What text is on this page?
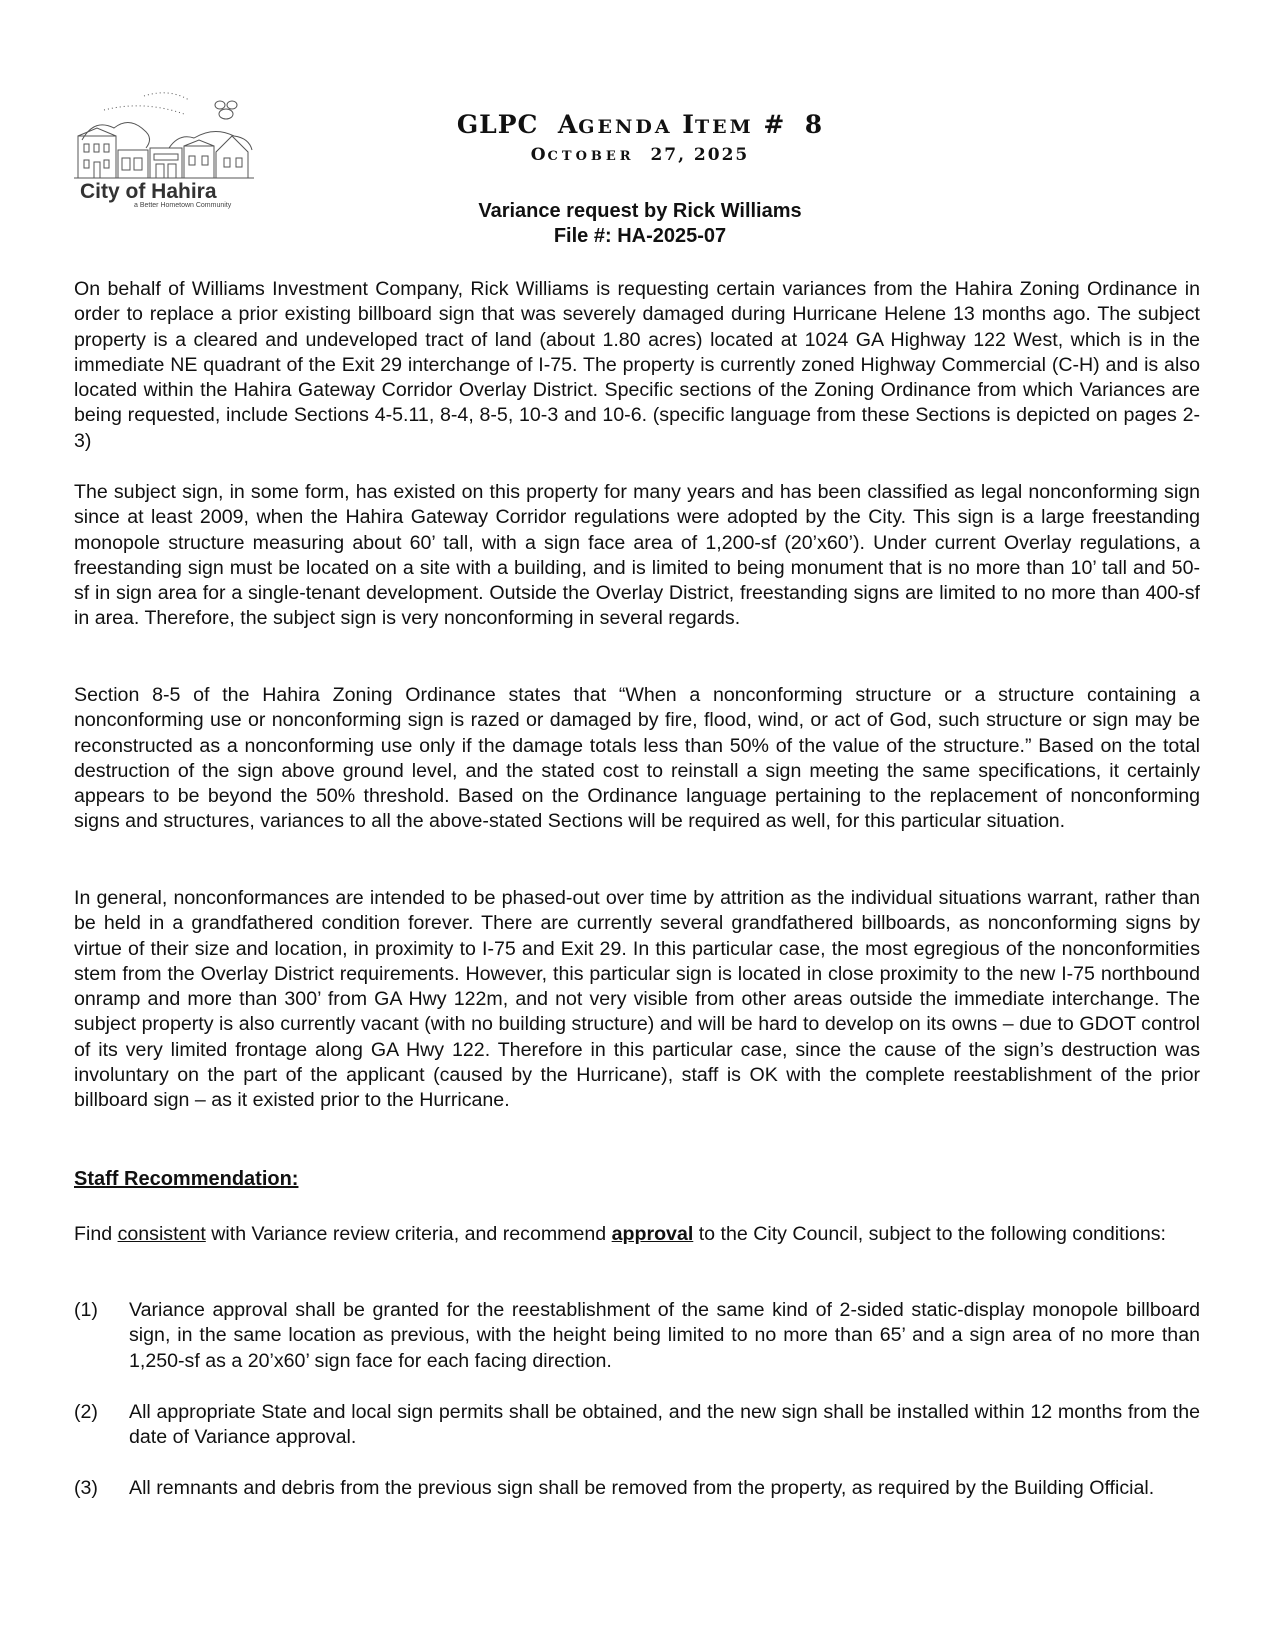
City of Hahira
a Better Hometown Community
GLPC AGENDA ITEM # 8
OCTOBER 27, 2025
Variance request by Rick Williams
File #: HA-2025-07

On behalf of Williams Investment Company, Rick Williams is requesting certain variances from the Hahira Zoning Ordinance in order to replace a prior existing billboard sign that was severely damaged during Hurricane Helene 13 months ago. The subject property is a cleared and undeveloped tract of land (about 1.80 acres) located at 1024 GA Highway 122 West, which is in the immediate NE quadrant of the Exit 29 interchange of I-75. The property is currently zoned Highway Commercial (C-H) and is also located within the Hahira Gateway Corridor Overlay District. Specific sections of the Zoning Ordinance from which Variances are being requested, include Sections 4-5.11, 8-4, 8-5, 10-3 and 10-6. (specific language from these Sections is depicted on pages 2-3)

The subject sign, in some form, has existed on this property for many years and has been classified as legal nonconforming sign since at least 2009, when the Hahira Gateway Corridor regulations were adopted by the City. This sign is a large freestanding monopole structure measuring about 60’ tall, with a sign face area of 1,200-sf (20’x60’). Under current Overlay regulations, a freestanding sign must be located on a site with a building, and is limited to being monument that is no more than 10’ tall and 50-sf in sign area for a single-tenant development. Outside the Overlay District, freestanding signs are limited to no more than 400-sf in area. Therefore, the subject sign is very nonconforming in several regards.

Section 8-5 of the Hahira Zoning Ordinance states that “When a nonconforming structure or a structure containing a nonconforming use or nonconforming sign is razed or damaged by fire, flood, wind, or act of God, such structure or sign may be reconstructed as a nonconforming use only if the damage totals less than 50% of the value of the structure.” Based on the total destruction of the sign above ground level, and the stated cost to reinstall a sign meeting the same specifications, it certainly appears to be beyond the 50% threshold. Based on the Ordinance language pertaining to the replacement of nonconforming signs and structures, variances to all the above-stated Sections will be required as well, for this particular situation.

In general, nonconformances are intended to be phased-out over time by attrition as the individual situations warrant, rather than be held in a grandfathered condition forever. There are currently several grandfathered billboards, as nonconforming signs by virtue of their size and location, in proximity to I-75 and Exit 29. In this particular case, the most egregious of the nonconformities stem from the Overlay District requirements. However, this particular sign is located in close proximity to the new I-75 northbound onramp and more than 300’ from GA Hwy 122m, and not very visible from other areas outside the immediate interchange. The subject property is also currently vacant (with no building structure) and will be hard to develop on its owns – due to GDOT control of its very limited frontage along GA Hwy 122. Therefore in this particular case, since the cause of the sign’s destruction was involuntary on the part of the applicant (caused by the Hurricane), staff is OK with the complete reestablishment of the prior billboard sign – as it existed prior to the Hurricane.

Staff Recommendation:
Find consistent with Variance review criteria, and recommend approval to the City Council, subject to the following conditions:
(1)	Variance approval shall be granted for the reestablishment of the same kind of 2-sided static-display monopole billboard sign, in the same location as previous, with the height being limited to no more than 65’ and a sign area of no more than 1,250-sf as a 20’x60’ sign face for each facing direction.
(2)	All appropriate State and local sign permits shall be obtained, and the new sign shall be installed within 12 months from the date of Variance approval.
(3)	All remnants and debris from the previous sign shall be removed from the property, as required by the Building Official.
